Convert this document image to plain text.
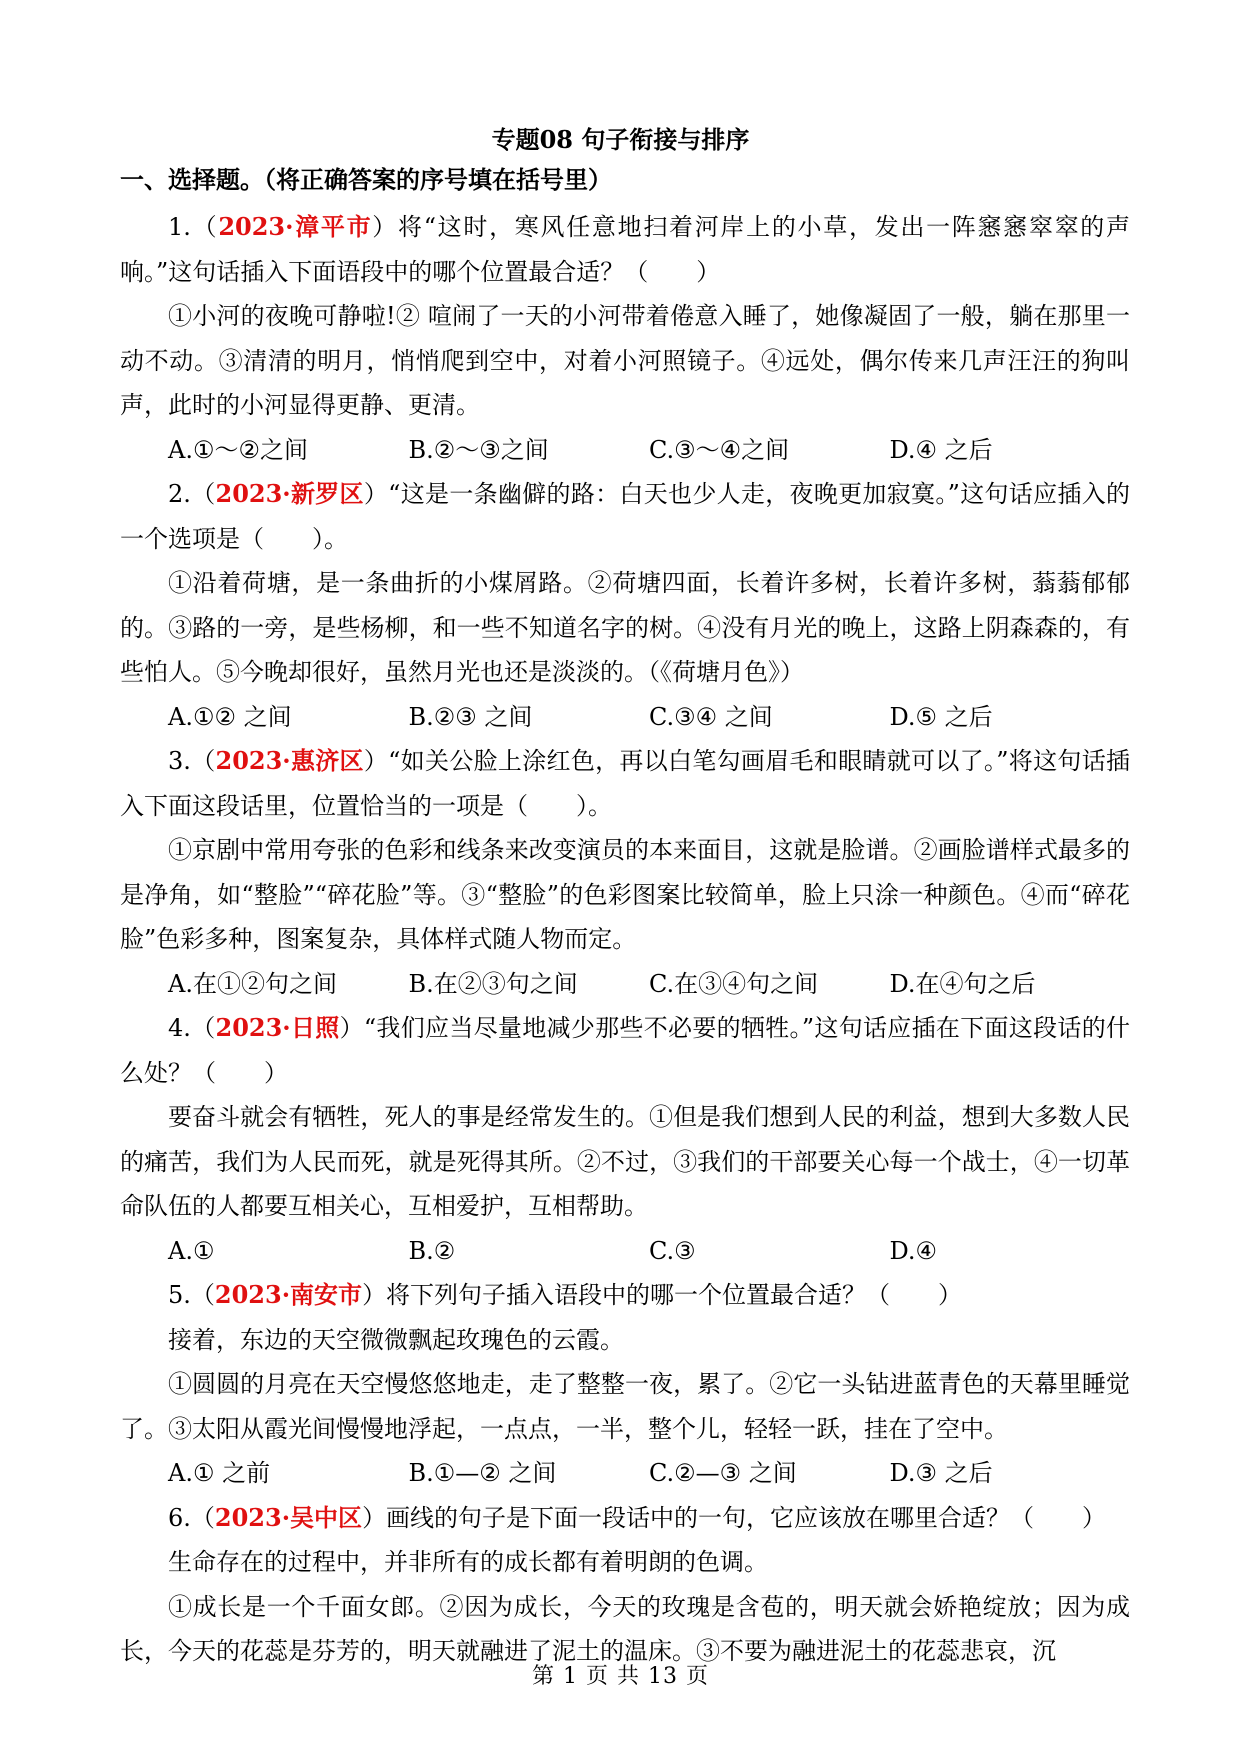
专题08 句子衔接与排序
一、选择题。（将正确答案的序号填在括号里）

1.（2023·漳平市）将“这时，寒风任意地扫着河岸上的小草，发出一阵窸窸窣窣的声响。”这句话插入下面语段中的哪个位置最合适？（　　）

①小河的夜晚可静啦!② 喧闹了一天的小河带着倦意入睡了，她像凝固了一般，躺在那里一动不动。③清清的明月，悄悄爬到空中，对着小河照镜子。④远处，偶尔传来几声汪汪的狗叫声，此时的小河显得更静、更清。

A.①～②之间	B.②～③之间	C.③～④之间	D.④ 之后

2.（2023·新罗区）“这是一条幽僻的路：白天也少人走，夜晚更加寂寞。”这句话应插入的一个选项是（　　）。

①沿着荷塘，是一条曲折的小煤屑路。②荷塘四面，长着许多树，长着许多树，蓊蓊郁郁的。③路的一旁，是些杨柳，和一些不知道名字的树。④没有月光的晚上，这路上阴森森的，有些怕人。⑤今晚却很好，虽然月光也还是淡淡的。（《荷塘月色》）

A.①② 之间	B.②③ 之间	C.③④ 之间	D.⑤ 之后

3.（2023·惠济区）“如关公脸上涂红色，再以白笔勾画眉毛和眼睛就可以了。”将这句话插入下面这段话里，位置恰当的一项是（　　）。

①京剧中常用夸张的色彩和线条来改变演员的本来面目，这就是脸谱。②画脸谱样式最多的是净角，如“整脸”“碎花脸”等。③“整脸”的色彩图案比较简单，脸上只涂一种颜色。④而“碎花脸”色彩多种，图案复杂，具体样式随人物而定。

A.在①②句之间	B.在②③句之间	C.在③④句之间	D.在④句之后

4.（2023·日照）“我们应当尽量地减少那些不必要的牺牲。”这句话应插在下面这段话的什么处？（　　）

要奋斗就会有牺牲，死人的事是经常发生的。①但是我们想到人民的利益，想到大多数人民的痛苦，我们为人民而死，就是死得其所。②不过，③我们的干部要关心每一个战士，④一切革命队伍的人都要互相关心，互相爱护，互相帮助。

A.①	B.②	C.③	D.④

5.（2023·南安市）将下列句子插入语段中的哪一个位置最合适？（　　）

接着，东边的天空微微飘起玫瑰色的云霞。

①圆圆的月亮在天空慢悠悠地走，走了整整一夜，累了。②它一头钻进蓝青色的天幕里睡觉了。③太阳从霞光间慢慢地浮起，一点点，一半，整个儿，轻轻一跃，挂在了空中。

A.① 之前	B.①—② 之间	C.②—③ 之间	D.③ 之后

6.（2023·吴中区）画线的句子是下面一段话中的一句，它应该放在哪里合适？（　　）

生命存在的过程中，并非所有的成长都有着明朗的色调。

①成长是一个千面女郎。②因为成长，今天的玫瑰是含苞的，明天就会娇艳绽放；因为成长，今天的花蕊是芬芳的，明天就融进了泥土的温床。③不要为融进泥土的花蕊悲哀，沉

第 1 页 共 13 页
